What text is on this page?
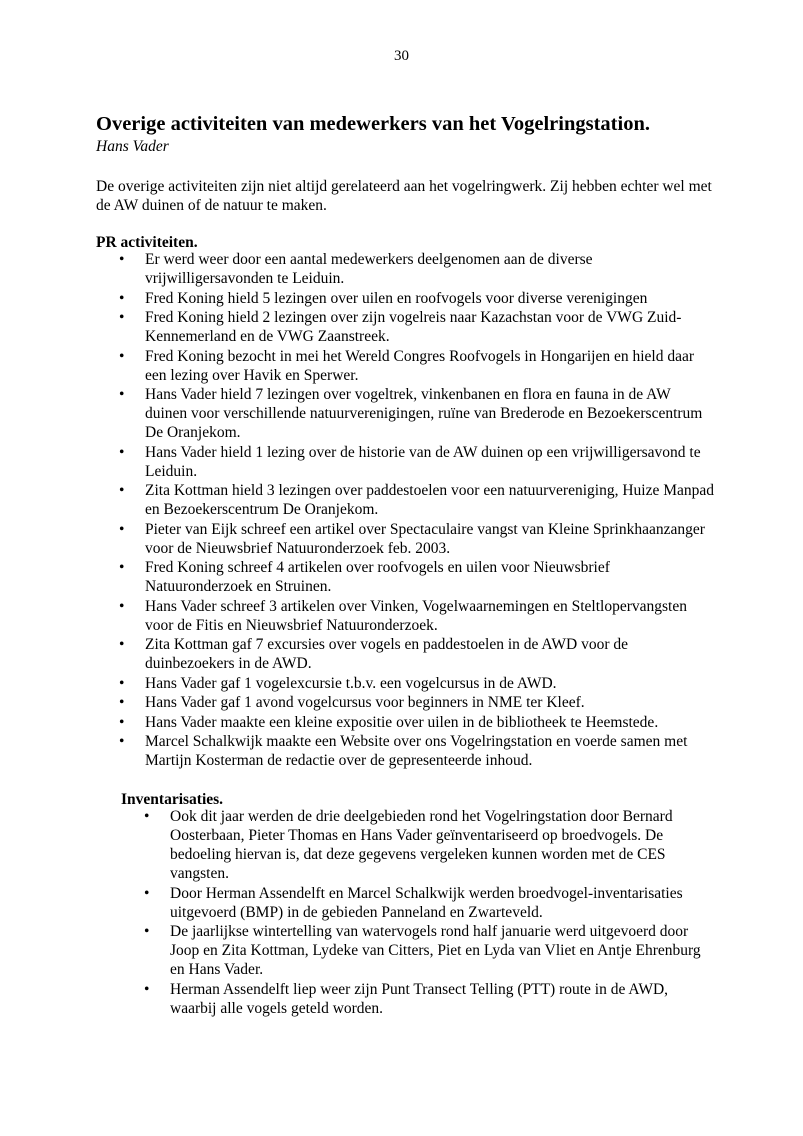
30
Overige activiteiten van medewerkers van het Vogelringstation.
Hans Vader

De overige activiteiten zijn niet altijd gerelateerd aan het vogelringwerk. Zij hebben echter wel met de AW duinen of de natuur te maken.

PR activiteiten.
• Er werd weer door een aantal medewerkers deelgenomen aan de diverse vrijwilligersavonden te Leiduin.
• Fred Koning hield 5 lezingen over uilen en roofvogels voor diverse verenigingen
• Fred Koning hield 2 lezingen over zijn vogelreis naar Kazachstan voor de VWG Zuid-Kennemerland en de VWG Zaanstreek.
• Fred Koning bezocht in mei het Wereld Congres Roofvogels in Hongarijen en hield daar een lezing over Havik en Sperwer.
• Hans Vader hield 7 lezingen over vogeltrek, vinkenbanen en flora en fauna in de AW duinen voor verschillende natuurverenigingen, ruïne van Brederode en Bezoekerscentrum De Oranjekom.
• Hans Vader hield 1 lezing over de historie van de AW duinen op een vrijwilligersavond te Leiduin.
• Zita Kottman hield 3 lezingen over paddestoelen voor een natuurvereniging, Huize Manpad en Bezoekerscentrum De Oranjekom.
• Pieter van Eijk schreef een artikel over Spectaculaire vangst van Kleine Sprinkhaanzanger voor de Nieuwsbrief Natuuronderzoek feb. 2003.
• Fred Koning schreef 4 artikelen over roofvogels en uilen voor Nieuwsbrief Natuuronderzoek en Struinen.
• Hans Vader schreef 3 artikelen over Vinken, Vogelwaarnemingen en Steltlopervangsten voor de Fitis en Nieuwsbrief Natuuronderzoek.
• Zita Kottman gaf 7 excursies over vogels en paddestoelen in de AWD voor de duinbezoekers in de AWD.
• Hans Vader gaf 1 vogelexcursie t.b.v. een vogelcursus in de AWD.
• Hans Vader gaf 1 avond vogelcursus voor beginners in NME ter Kleef.
• Hans Vader maakte een kleine expositie over uilen in de bibliotheek te Heemstede.
• Marcel Schalkwijk maakte een Website over ons Vogelringstation en voerde samen met Martijn Kosterman de redactie over de gepresenteerde inhoud.
Inventarisaties.
• Ook dit jaar werden de drie deelgebieden rond het Vogelringstation door Bernard Oosterbaan, Pieter Thomas en Hans Vader geïnventariseerd op broedvogels. De bedoeling hiervan is, dat deze gegevens vergeleken kunnen worden met de CES vangsten.
• Door Herman Assendelft en Marcel Schalkwijk werden broedvogel-inventarisaties uitgevoerd (BMP) in de gebieden Panneland en Zwarteveld.
• De jaarlijkse wintertelling van watervogels rond half januarie werd uitgevoerd door Joop en Zita Kottman, Lydeke van Citters, Piet en Lyda van Vliet en Antje Ehrenburg en Hans Vader.
• Herman Assendelft liep weer zijn Punt Transect Telling (PTT) route in de AWD, waarbij alle vogels geteld worden.
